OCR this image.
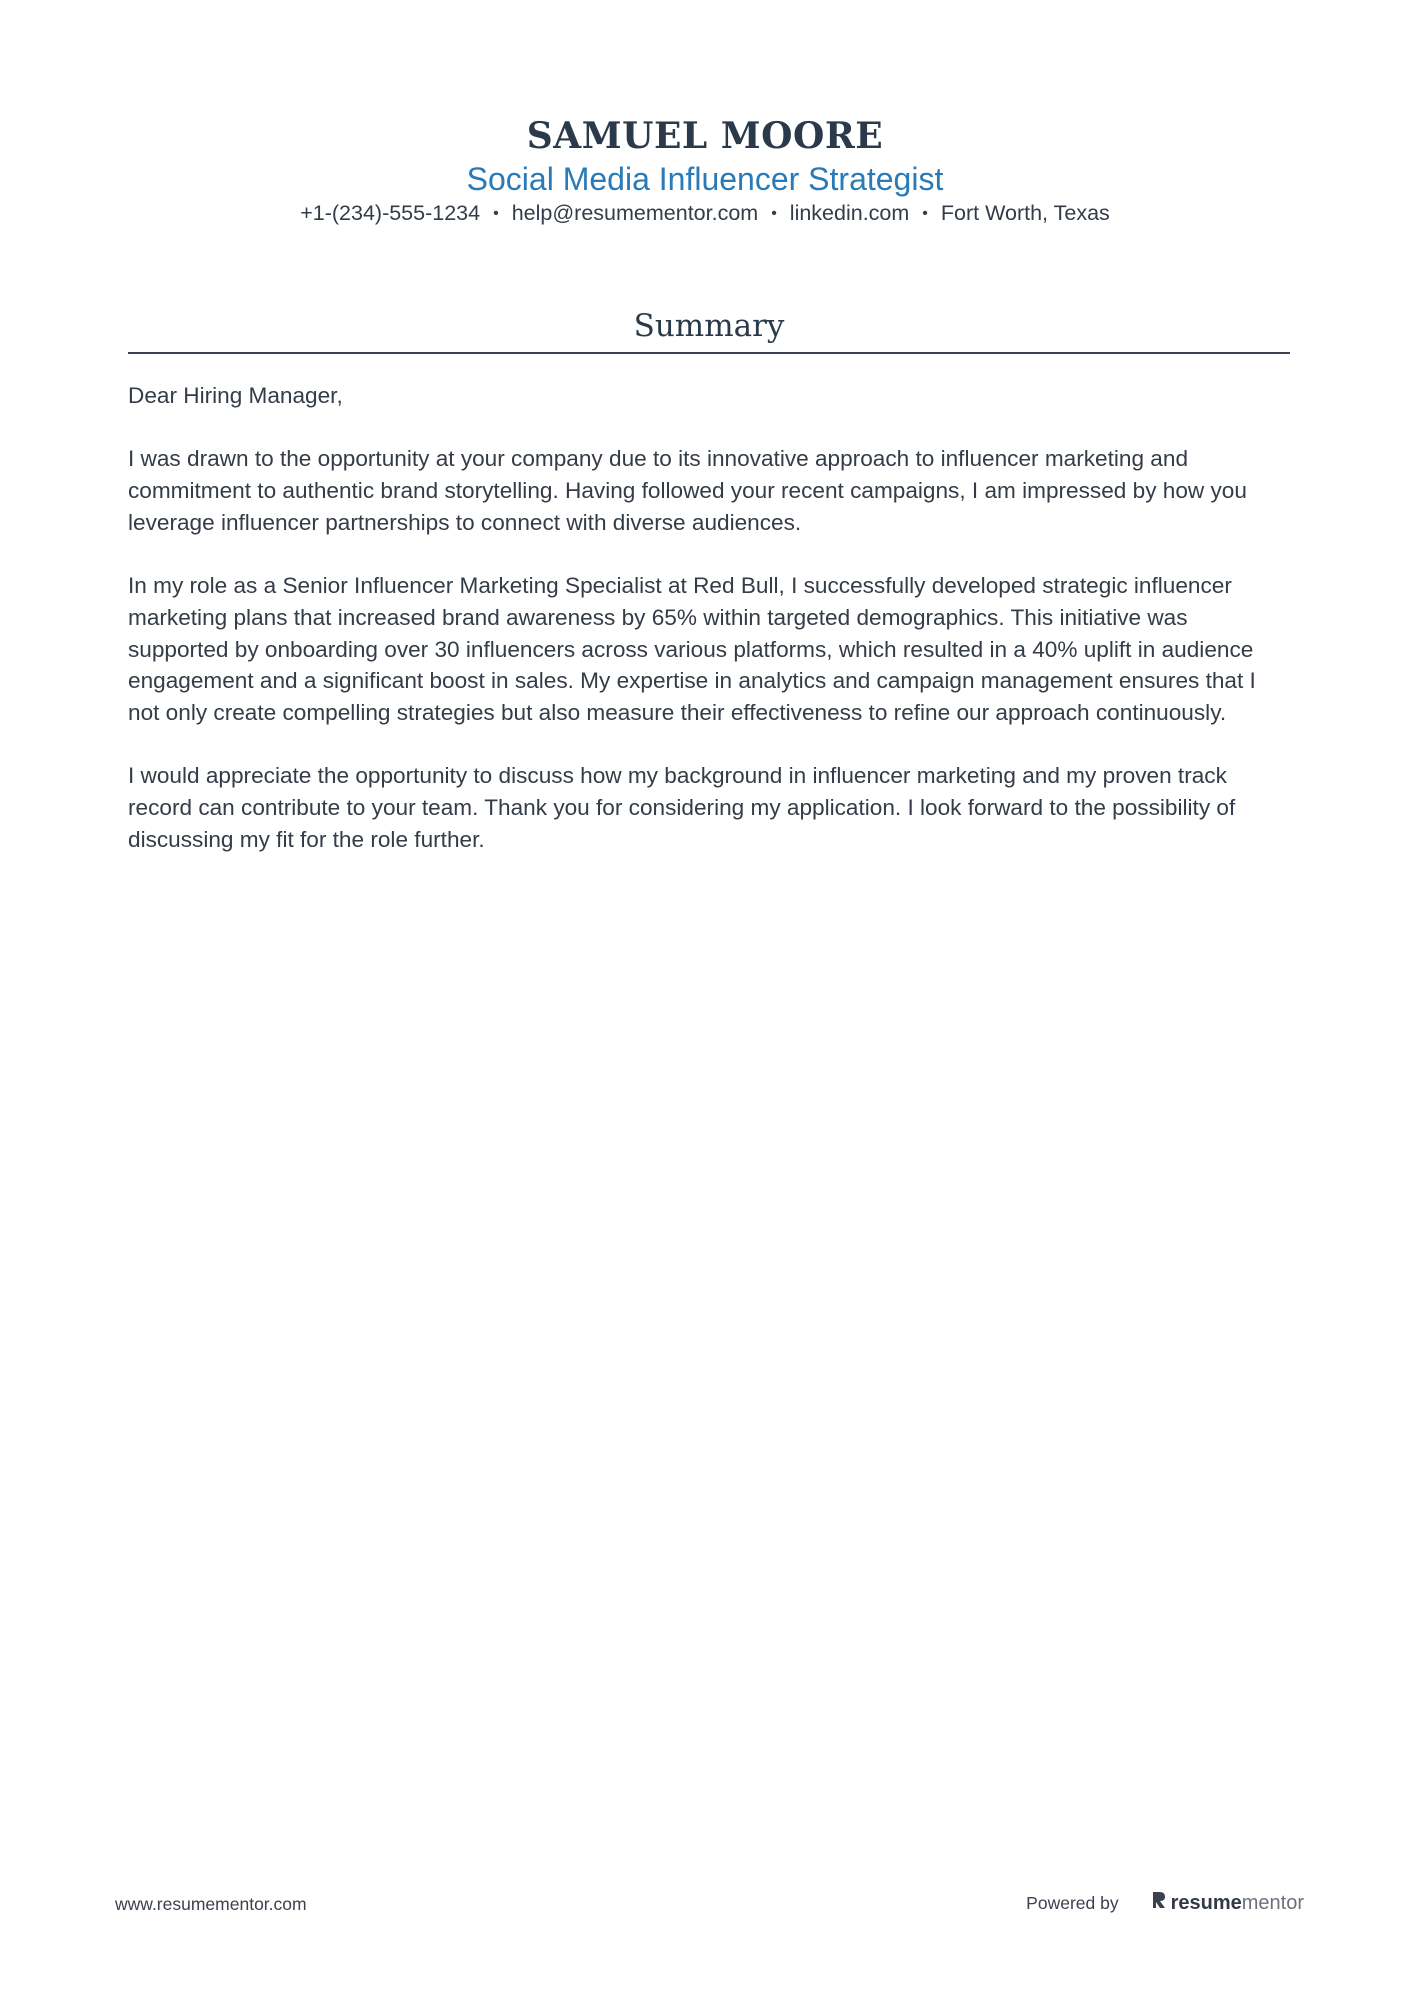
SAMUEL MOORE
Social Media Influencer Strategist
+1-(234)-555-1234 • help@resumementor.com • linkedin.com • Fort Worth, Texas
Summary

Dear Hiring Manager,

I was drawn to the opportunity at your company due to its innovative approach to influencer marketing and commitment to authentic brand storytelling. Having followed your recent campaigns, I am impressed by how you leverage influencer partnerships to connect with diverse audiences.

In my role as a Senior Influencer Marketing Specialist at Red Bull, I successfully developed strategic influencer marketing plans that increased brand awareness by 65% within targeted demographics. This initiative was supported by onboarding over 30 influencers across various platforms, which resulted in a 40% uplift in audience engagement and a significant boost in sales. My expertise in analytics and campaign management ensures that I not only create compelling strategies but also measure their effectiveness to refine our approach continuously.

I would appreciate the opportunity to discuss how my background in influencer marketing and my proven track record can contribute to your team. Thank you for considering my application. I look forward to the possibility of discussing my fit for the role further.

www.resumementor.com	Powered by	resume mentor
